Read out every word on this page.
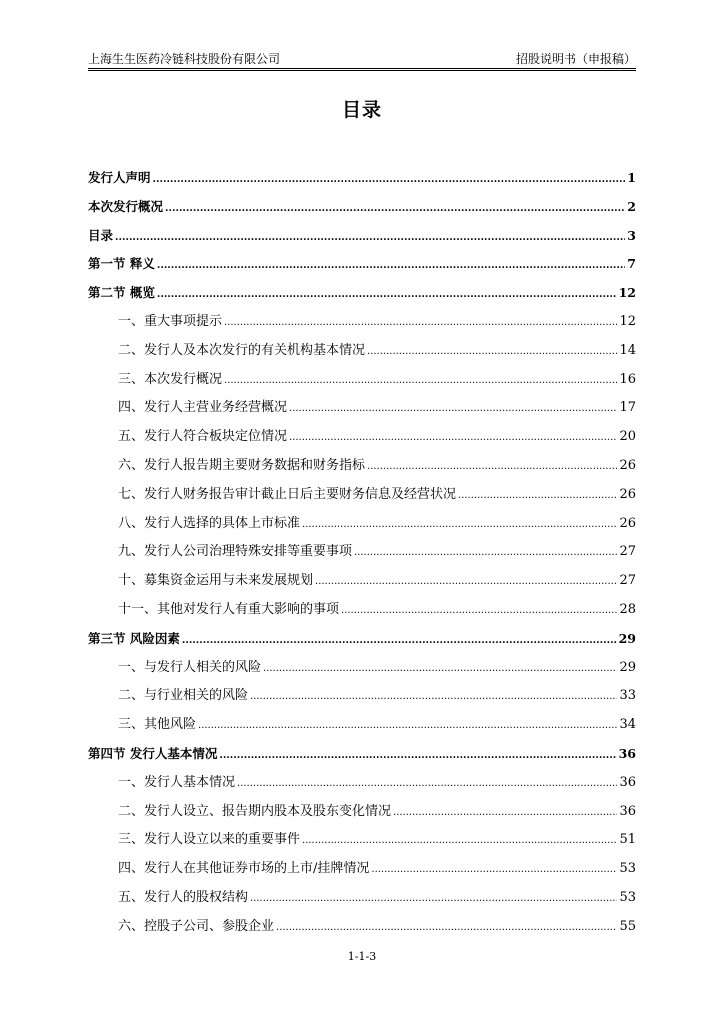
上海生生医药冷链科技股份有限公司	招股说明书（申报稿）
目录
发行人声明 .....	1
本次发行概况 .....	2
目录 .....	3
第一节 释义 .....	7
第二节 概览 .....	12
一、重大事项提示 .....	12
二、发行人及本次发行的有关机构基本情况 .....	14
三、本次发行概况 .....	16
四、发行人主营业务经营概况 .....	17
五、发行人符合板块定位情况 .....	20
六、发行人报告期主要财务数据和财务指标 .....	26
七、发行人财务报告审计截止日后主要财务信息及经营状况 .....	26
八、发行人选择的具体上市标准 .....	26
九、发行人公司治理特殊安排等重要事项 .....	27
十、募集资金运用与未来发展规划 .....	27
十一、其他对发行人有重大影响的事项 .....	28
第三节 风险因素 .....	29
一、与发行人相关的风险 .....	29
二、与行业相关的风险 .....	33
三、其他风险 .....	34
第四节 发行人基本情况 .....	36
一、发行人基本情况 .....	36
二、发行人设立、报告期内股本及股东变化情况 .....	36
三、发行人设立以来的重要事件 .....	51
四、发行人在其他证券市场的上市/挂牌情况 .....	53
五、发行人的股权结构 .....	53
六、控股子公司、参股企业 .....	55
1-1-3
